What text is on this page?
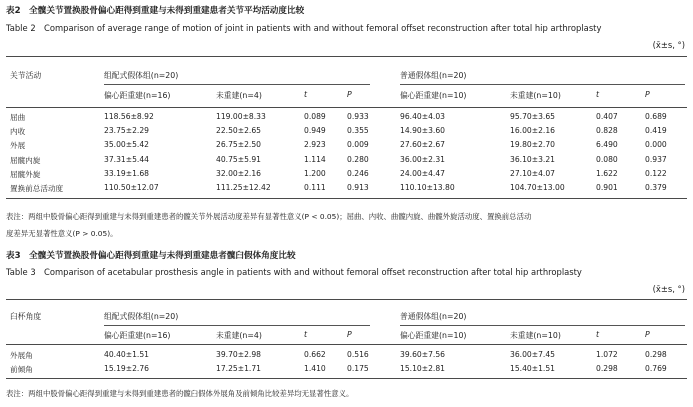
表2　全髋关节置换股骨偏心距得到重建与未得到重建患者关节平均活动度比较
Table 2　Comparison of average range of motion of joint in patients with and without femoral offset reconstruction after total hip arthroplasty
(x̄±s, °)
关节活动	组配式假体组(n=20)	普通假体组(n=20)
偏心距重建(n=16)	未重建(n=4)	t	P	偏心距重建(n=10)	未重建(n=10)	t	P
屈曲	118.56±8.92	119.00±8.33	0.089	0.933	96.40±4.03	95.70±3.65	0.407	0.689
内收	23.75±2.29	22.50±2.65	0.949	0.355	14.90±3.60	16.00±2.16	0.828	0.419
外展	35.00±5.42	26.75±2.50	2.923	0.009	27.60±2.67	19.80±2.70	6.490	0.000
屈髋内旋	37.31±5.44	40.75±5.91	1.114	0.280	36.00±2.31	36.10±3.21	0.080	0.937
屈髋外旋	33.19±1.68	32.00±2.16	1.200	0.246	24.00±4.47	27.10±4.07	1.622	0.122
置换前总活动度	110.50±12.07	111.25±12.42	0.111	0.913	110.10±13.80	104.70±13.00	0.901	0.379
表注：两组中股骨偏心距得到重建与未得到重建患者的髋关节外展活动度差异有显著性意义(P < 0.05)；屈曲、内收、曲髋内旋、曲髋外旋活动度、置换前总活动
度差异无显著性意义(P > 0.05)。
表3　全髋关节置换股骨偏心距得到重建与未得到重建患者髋臼假体角度比较
Table 3　Comparison of acetabular prosthesis angle in patients with and without femoral offset reconstruction after total hip arthroplasty
(x̄±s, °)
臼杯角度	组配式假体组(n=20)	普通假体组(n=20)
偏心距重建(n=16)	未重建(n=4)	t	P	偏心距重建(n=10)	未重建(n=10)	t	P
外展角	40.40±1.51	39.70±2.98	0.662	0.516	39.60±7.56	36.00±7.45	1.072	0.298
前倾角	15.19±2.76	17.25±1.71	1.410	0.175	15.10±2.81	15.40±1.51	0.298	0.769
表注：两组中股骨偏心距得到重建与未得到重建患者的髋臼假体外展角及前倾角比较差异均无显著性意义。
